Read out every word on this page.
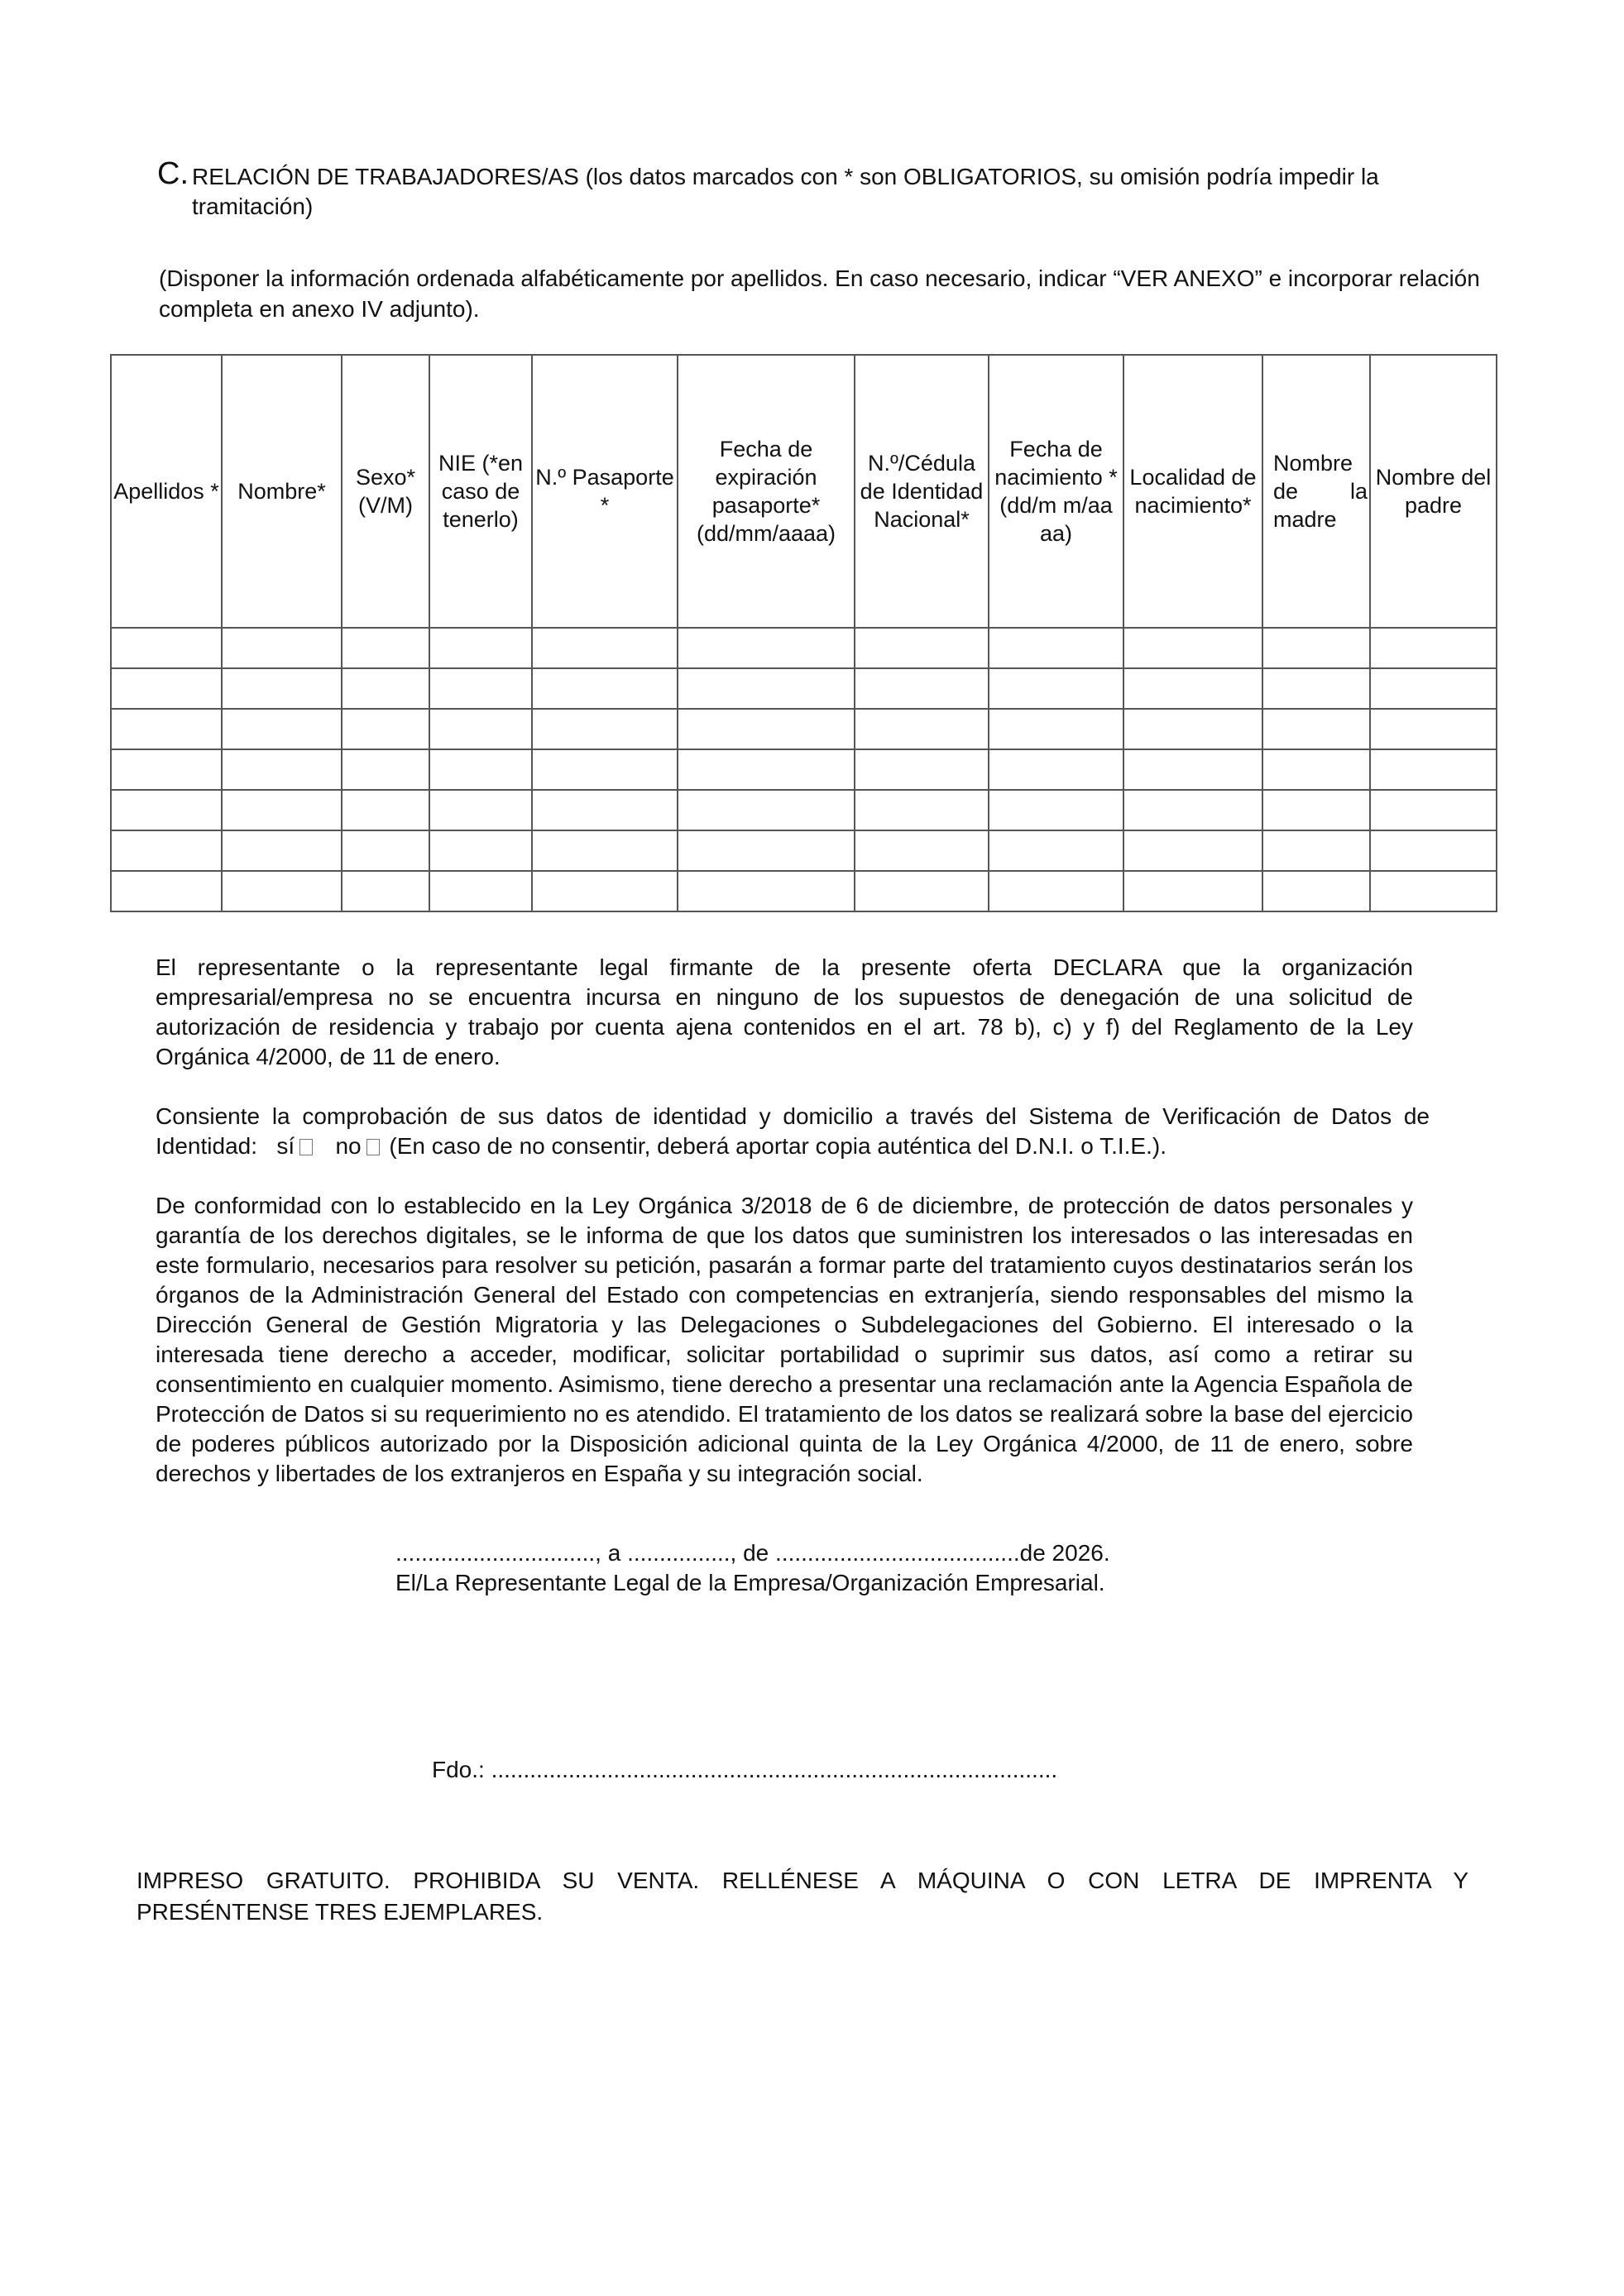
C. RELACIÓN DE TRABAJADORES/AS (los datos marcados con * son OBLIGATORIOS, su omisión podría impedir la tramitación)
(Disponer la información ordenada alfabéticamente por apellidos. En caso necesario, indicar “VER ANEXO” e incorporar relación completa en anexo IV adjunto).
Apellidos *	Nombre*	Sexo* (V/M)	NIE (*en caso de tenerlo)	N.º Pasaporte *	Fecha de expiración pasaporte* (dd/mm/aaaa)	N.º/Cédula de Identidad Nacional*	Fecha de nacimiento * (dd/m m/aa aa)	Localidad de nacimiento*	Nombre de la madre	Nombre del padre

El representante o la representante legal firmante de la presente oferta DECLARA que la organización empresarial/empresa no se encuentra incursa en ninguno de los supuestos de denegación de una solicitud de autorización de residencia y trabajo por cuenta ajena contenidos en el art. 78 b), c) y f) del Reglamento de la Ley Orgánica 4/2000, de 11 de enero.
Consiente la comprobación de sus datos de identidad y domicilio a través del Sistema de Verificación de Datos de Identidad: sí no (En caso de no consentir, deberá aportar copia auténtica del D.N.I. o T.I.E.).
De conformidad con lo establecido en la Ley Orgánica 3/2018 de 6 de diciembre, de protección de datos personales y garantía de los derechos digitales, se le informa de que los datos que suministren los interesados o las interesadas en este formulario, necesarios para resolver su petición, pasarán a formar parte del tratamiento cuyos destinatarios serán los órganos de la Administración General del Estado con competencias en extranjería, siendo responsables del mismo la Dirección General de Gestión Migratoria y las Delegaciones o Subdelegaciones del Gobierno. El interesado o la interesada tiene derecho a acceder, modificar, solicitar portabilidad o suprimir sus datos, así como a retirar su consentimiento en cualquier momento. Asimismo, tiene derecho a presentar una reclamación ante la Agencia Española de Protección de Datos si su requerimiento no es atendido. El tratamiento de los datos se realizará sobre la base del ejercicio de poderes públicos autorizado por la Disposición adicional quinta de la Ley Orgánica 4/2000, de 11 de enero, sobre derechos y libertades de los extranjeros en España y su integración social.
..............................., a ................, de ......................................de 2026.
El/La Representante Legal de la Empresa/Organización Empresarial.
Fdo.: ........................................................................................
IMPRESO GRATUITO. PROHIBIDA SU VENTA. RELLÉNESE A MÁQUINA O CON LETRA DE IMPRENTA Y
PRESÉNTENSE TRES EJEMPLARES.
